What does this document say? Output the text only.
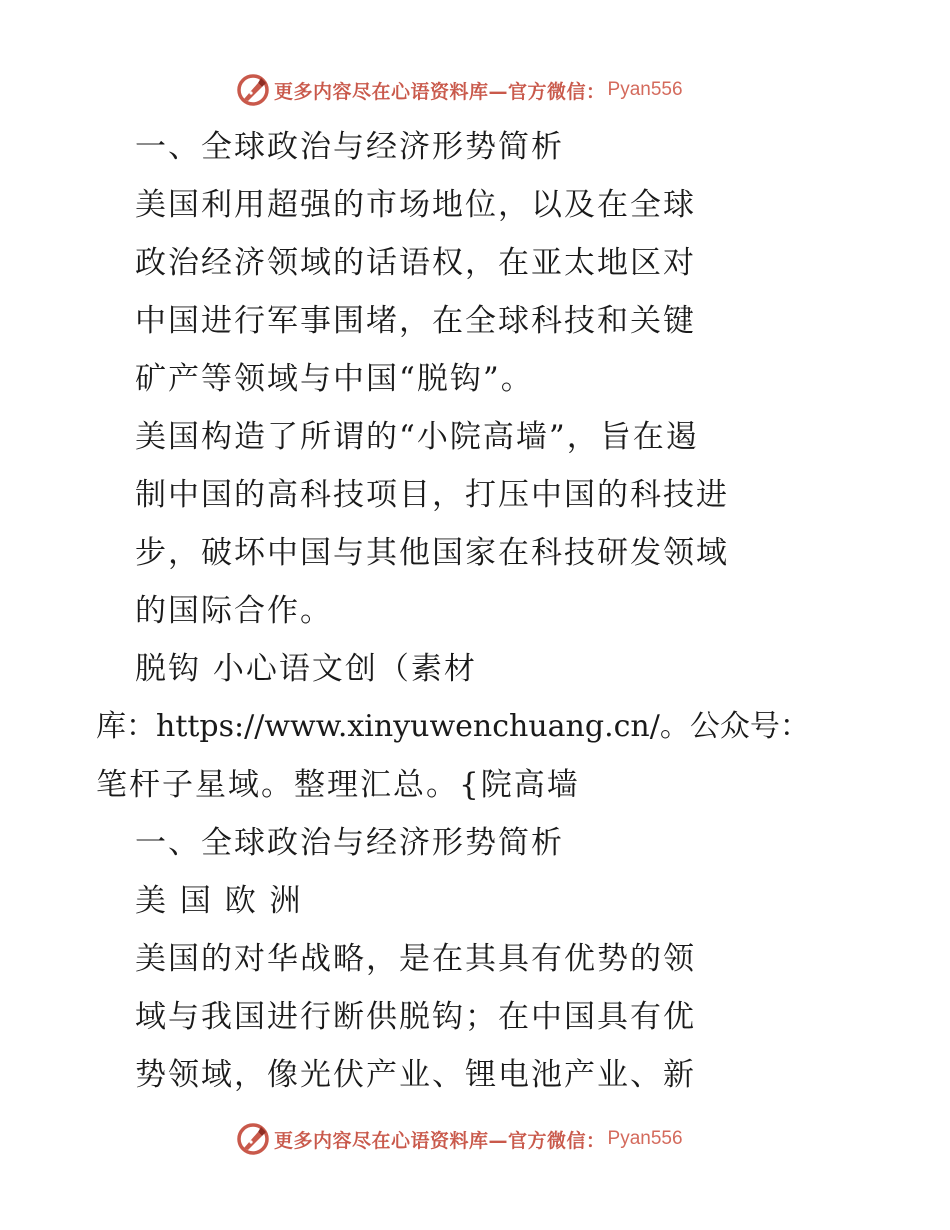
更多内容尽在心语资料库—官方微信： Pyan556
一、全球政治与经济形势简析
美国利用超强的市场地位，以及在全球
政治经济领域的话语权，在亚太地区对
中国进行军事围堵，在全球科技和关键
矿产等领域与中国“脱钩”。
美国构造了所谓的“小院高墙”，旨在遏
制中国的高科技项目，打压中国的科技进
步，破坏中国与其他国家在科技研发领域
的国际合作。
脱钩 小心语文创（素材
库：https://www.xinyuwenchuang.cn/。公众号：
笔杆子星域。整理汇总。{院高墙
一、全球政治与经济形势简析
美 国 欧 洲
美国的对华战略，是在其具有优势的领
域与我国进行断供脱钩；在中国具有优
势领域，像光伏产业、锂电池产业、新
更多内容尽在心语资料库—官方微信： Pyan556
